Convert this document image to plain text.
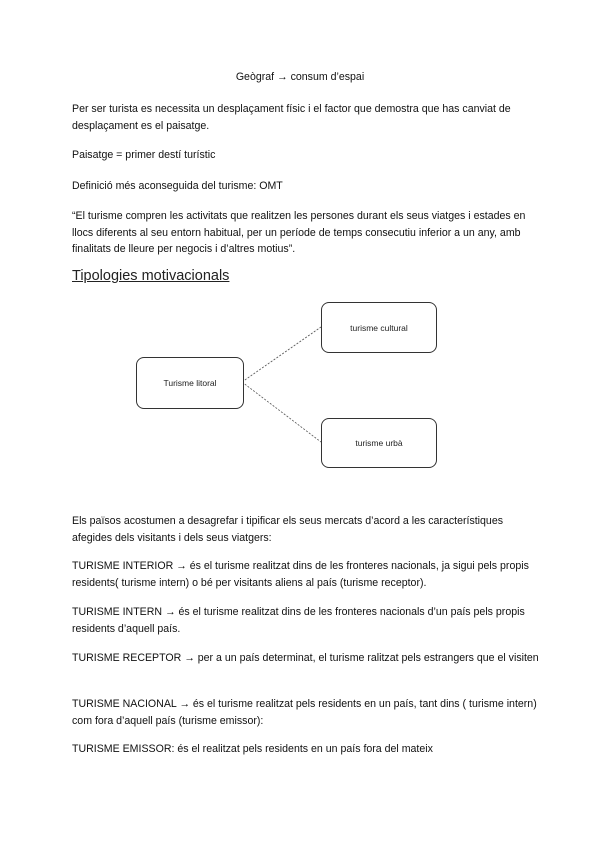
Geògraf → consum d’espai

Per ser turista es necessita un desplaçament físic i el factor que demostra que has canviat de desplaçament es el paisatge.

Paisatge = primer destí turístic

Definició més aconseguida del turisme: OMT

“El turisme compren les activitats que realitzen les persones durant els seus viatges i estades en llocs diferents al seu entorn habitual, per un període de temps consecutiu inferior a un any, amb finalitats de lleure per negocis i d’altres motius”.

Tipologies motivacionals
Turisme litoral
turisme cultural
turisme urbà

Els països acostumen a desagrefar i tipificar els seus mercats d’acord a les característiques afegides dels visitants i dels seus viatgers:

TURISME INTERIOR → és el turisme realitzat dins de les fronteres nacionals, ja sigui pels propis residents( turisme intern) o bé per visitants aliens al país (turisme receptor).

TURISME INTERN → és el turisme realitzat dins de les fronteres nacionals d’un país pels propis residents d’aquell país.

TURISME RECEPTOR → per a un país determinat, el turisme ralitzat pels estrangers que el visiten

TURISME NACIONAL → és el turisme realitzat pels residents en un país, tant dins ( turisme intern) com fora d’aquell país (turisme emissor):

TURISME EMISSOR: és el realitzat pels residents en un país fora del mateix
